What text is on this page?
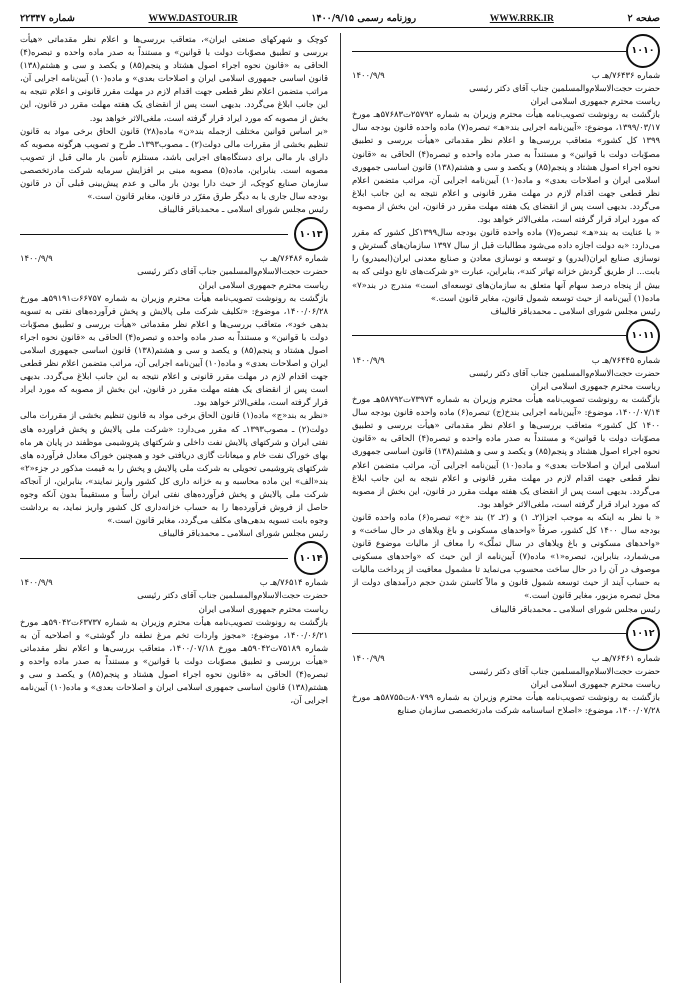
صفحه ۲
WWW.RRK.IR
روزنامه رسمی ۱۴۰۰/۹/۱۵
WWW.DASTOUR.IR
شماره ۲۲۳۴۷
۱۰۱۰
شماره ۷۶۴۳۶/هـ ب
۱۴۰۰/۹/۹

حضرت حجت‌الاسلام‌والمسلمین جناب آقای دکتر رئیسی

ریاست محترم جمهوری اسلامی ایران

بازگشت به رونوشت تصویب‌نامه هیأت محترم وزیران به شماره ۲۵۷۹۲ت۵۷۶۸۳هـ مورخ ۱۳۹۹/۰۳/۱۷، موضوع: «آیین‌نامه اجرایی بند«هـ» تبصره(۷) ماده واحده قانون بودجه سال ۱۳۹۹ کل کشور» متعاقب بررسی‌ها و اعلام نظر مقدماتی «هیأت بررسی و تطبیق مصوّبات دولت با قوانین» و مستنداً به صدر ماده واحده و تبصره(۴) الحاقی به «قانون نحوه اجراء اصول هشتاد و پنجم(۸۵) و یکصد و سی و هشتم(۱۳۸) قانون اساسی جمهوری اسلامی ایران و اصلاحات بعدی» و ماده(۱۰) آیین‌نامه اجرایی آن، مراتب متضمن اعلام نظر قطعی جهت اقدام لازم در مهلت مقرر قانونی و اعلام نتیجه به این جانب ابلاغ می‌گردد. بدیهی است پس از انقضای یک هفته مهلت مقرر در قانون، این بخش از مصوبه که مورد ایراد قرار گرفته است، ملغی‌الاثر خواهد بود.

« با عنایت به بند«هـ» تبصره(۷) ماده واحده قانون بودجه سال۱۳۹۹کل کشور که مقرر می‌دارد: «به دولت اجازه داده می‌شود مطالبات قبل از سال ۱۳۹۷ سازمان‌های گسترش و نوسازی صنایع ایران(ایدرو) و توسعه و نوسازی معادن و صنایع معدنی ایران(ایمیدرو) را بابت... از طریق گردش خزانه تهاتر کند»، بنابراین، عبارت «و شرکت‌های تابع دولتی که به بیش از پنجاه درصد سهام آنها متعلق به سازمان‌های توسعه‌ای است» مندرج در بند«۷» ماده(۱) آیین‌نامه از حیث توسعه شمول قانون، مغایر قانون است.»

رئیس مجلس شورای اسلامی ـ محمدباقر قالیباف

۱۰۱۱
شماره ۷۶۴۴۵/هـ ب
۱۴۰۰/۹/۹

حضرت حجت‌الاسلام‌والمسلمین جناب آقای دکتر رئیسی

ریاست محترم جمهوری اسلامی ایران

بازگشت به رونوشت تصویب‌نامه هیأت محترم وزیران به شماره ۷۳۹۷۴ت۵۸۷۹۲هـ مورخ ۱۴۰۰/۰۷/۱۴، موضوع: «آیین‌نامه اجرایی بندخ(ج) تبصره(۶) ماده واحده قانون بودجه سال ۱۴۰۰ کل کشور» متعاقب بررسی‌ها و اعلام نظر مقدماتی «هیأت بررسی و تطبیق مصوّبات دولت با قوانین» و مستنداً به صدر ماده واحده و تبصره(۴) الحاقی به «قانون نحوه اجراء اصول هشتاد و پنجم(۸۵) و یکصد و سی و هشتم(۱۳۸) قانون اساسی جمهوری اسلامی ایران و اصلاحات بعدی» و ماده(۱۰) آیین‌نامه اجرایی آن، مراتب متضمن اعلام نظر قطعی جهت اقدام لازم در مهلت مقرر قانونی و اعلام نتیجه به این جانب ابلاغ می‌گردد. بدیهی است پس از انقضای یک هفته مهلت مقرر در قانون، این بخش از مصوبه که مورد ایراد قرار گرفته است، ملغی‌الاثر خواهد بود.

« با نظر به اینکه به موجب اجزا(۲ـ ۱) و (۲ـ ۲) بند «خ» تبصره(۶) ماده واحده قانون بودجه سال ۱۴۰۰ کل کشور، صرفاً «واحدهای مسکونی و باغ ویلاهای در حال ساخت» و «واحدهای مسکونی و باغ ویلاهای در سال تملّک» را معاف از مالیات موضوع قانون می‌شمارد، بنابراین، تبصره«۱» ماده(۷) آیین‌نامه از این حیث که «واحدهای مسکونی موصوف در آن را در حال ساخت محسوب می‌نماید تا مشمول معافیت از پرداخت مالیات به حساب آیند از حیث توسعه شمول قانون و مالاً کاستن شدن حجم درآمدهای دولت از محل تبصره مزبور، مغایر قانون است.»

رئیس مجلس شورای اسلامی ـ محمدباقر قالیباف

۱۰۱۲
شماره ۷۶۴۶۱/هـ ب
۱۴۰۰/۹/۹

حضرت حجت‌الاسلام‌والمسلمین جناب آقای دکتر رئیسی

ریاست محترم جمهوری اسلامی ایران

بازگشت به رونوشت تصویب‌نامه هیأت محترم وزیران به شماره ۸۰۷۹۹ت۵۸۷۵۵هـ مورخ ۱۴۰۰/۰۷/۲۸، موضوع: «اصلاح اساسنامه شرکت مادرتخصصی سازمان صنایع

کوچک و شهرکهای صنعتی ایران»، متعاقب بررسی‌ها و اعلام نظر مقدماتی «هیأت بررسی و تطبیق مصوّبات دولت با قوانین» و مستنداً به صدر ماده واحده و تبصره(۴) الحاقی به «قانون نحوه اجراء اصول هشتاد و پنجم(۸۵) و یکصد و سی و هشتم(۱۳۸) قانون اساسی جمهوری اسلامی ایران و اصلاحات بعدی» و ماده(۱۰) آیین‌نامه اجرایی آن، مراتب متضمن اعلام نظر قطعی جهت اقدام لازم در مهلت مقرر قانونی و اعلام نتیجه به این جانب ابلاغ می‌گردد. بدیهی است پس از انقضای یک هفته مهلت مقرر در قانون، این بخش از مصوبه که مورد ایراد قرار گرفته است، ملغی‌الاثر خواهد بود.

«بر اساس قوانین مختلف ازجمله بند«ن» ماده(۲۸) قانون الحاق برخی مواد به قانون تنظیم بخشی از مقررات مالی دولت(۲) ـ مصوب۱۳۹۳ـ طرح و تصویب هرگونه مصوبه که دارای بار مالی برای دستگاه‌های اجرایی باشد، مستلزم تأمین بار مالی قبل از تصویب مصوبه است. بنابراین، ماده(۵) مصوبه مبنی بر افزایش سرمایه شرکت مادرتخصصی سازمان صنایع کوچک، از حیث دارا بودن بار مالی و عدم پیش‌بینی قبلی آن در قانون بودجه سال جاری یا به دیگر طرق مقرّر در قانون، مغایر قانون است.»

رئیس مجلس شورای اسلامی ـ محمدباقر قالیباف

۱۰۱۳
شماره ۷۶۴۸۶/هـ ب
۱۴۰۰/۹/۹

حضرت حجت‌الاسلام‌والمسلمین جناب آقای دکتر رئیسی

ریاست محترم جمهوری اسلامی ایران

بازگشت به رونوشت تصویب‌نامه هیأت محترم وزیران به شماره ۶۶۷۵۷ت۵۹۱۹۱هـ مورخ ۱۴۰۰/۰۶/۲۸، موضوع: «تکلیف شرکت ملی پالایش و پخش فرآورده‌های نفتی به تسویه بدهی خود»، متعاقب بررسی‌ها و اعلام نظر مقدماتی «هیأت بررسی و تطبیق مصوّبات دولت با قوانین» و مستنداً به صدر ماده واحده و تبصره(۴) الحاقی به «قانون نحوه اجراء اصول هشتاد و پنجم(۸۵) و یکصد و سی و هشتم(۱۳۸) قانون اساسی جمهوری اسلامی ایران و اصلاحات بعدی» و ماده(۱۰) آیین‌نامه اجرایی آن، مراتب متضمن اعلام نظر قطعی جهت اقدام لازم در مهلت مقرر قانونی و اعلام نتیجه به این جانب ابلاغ می‌گردد. بدیهی است پس از انقضای یک هفته مهلت مقرر در قانون، این بخش از مصوبه که مورد ایراد قرار گرفته است، ملغی‌الاثر خواهد بود.

«نظر به بند«ج» ماده(۱) قانون الحاق برخی مواد به قانون تنظیم بخشی از مقررات مالی دولت(۲) ـ مصوب۱۳۹۳ـ که مقرر می‌دارد: «شرکت ملی پالایش و پخش فراورده های نفتی ایران و شرکتهای پالایش نفت داخلی و شرکتهای پتروشیمی موظفند در پایان هر ماه بهای خوراک نفت خام و میعانات گازی دریافتی خود و همچنین خوراک معادل فرآورده های شرکتهای پتروشیمی تحویلی به شرکت ملی پالایش و پخش را به قیمت مذکور در جزء«۲» بند«الف» این ماده محاسبه و به خزانه داری کل کشور واریز نمایند»، بنابراین، از آنجاکه شرکت ملی پالایش و پخش فرآورده‌های نفتی ایران رأساً و مستقیماً بدون آنکه وجوه حاصل از فروش فرآورده‌ها را به حساب خزانه‌داری کل کشور واریز نماید، به برداشت وجوه بابت تسویه بدهی‌های مکلف می‌گردد، مغایر قانون است.»

رئیس مجلس شورای اسلامی ـ محمدباقر قالیباف

۱۰۱۴
شماره ۷۶۵۱۴/هـ ب
۱۴۰۰/۹/۹

حضرت حجت‌الاسلام‌والمسلمین جناب آقای دکتر رئیسی

ریاست محترم جمهوری اسلامی ایران

بازگشت به رونوشت تصویب‌نامه هیأت محترم وزیران به شماره ۶۳۷۳۷ت۵۹۰۴۲هـ مورخ ۱۴۰۰/۰۶/۲۱، موضوع: «مجوز واردات تخم مرغ نطفه دار گوشتی» و اصلاحیه آن به شماره ۷۵۱۸۹ت۵۹۰۴۲هـ مورخ ۱۴۰۰/۰۷/۱۸، متعاقب بررسی‌ها و اعلام نظر مقدماتی «هیأت بررسی و تطبیق مصوّبات دولت با قوانین» و مستنداً به صدر ماده واحده و تبصره(۴) الحاقی به «قانون نحوه اجراء اصول هشتاد و پنجم(۸۵) و یکصد و سی و هشتم(۱۳۸) قانون اساسی جمهوری اسلامی ایران و اصلاحات بعدی» و ماده(۱۰) آیین‌نامه اجرایی آن،
